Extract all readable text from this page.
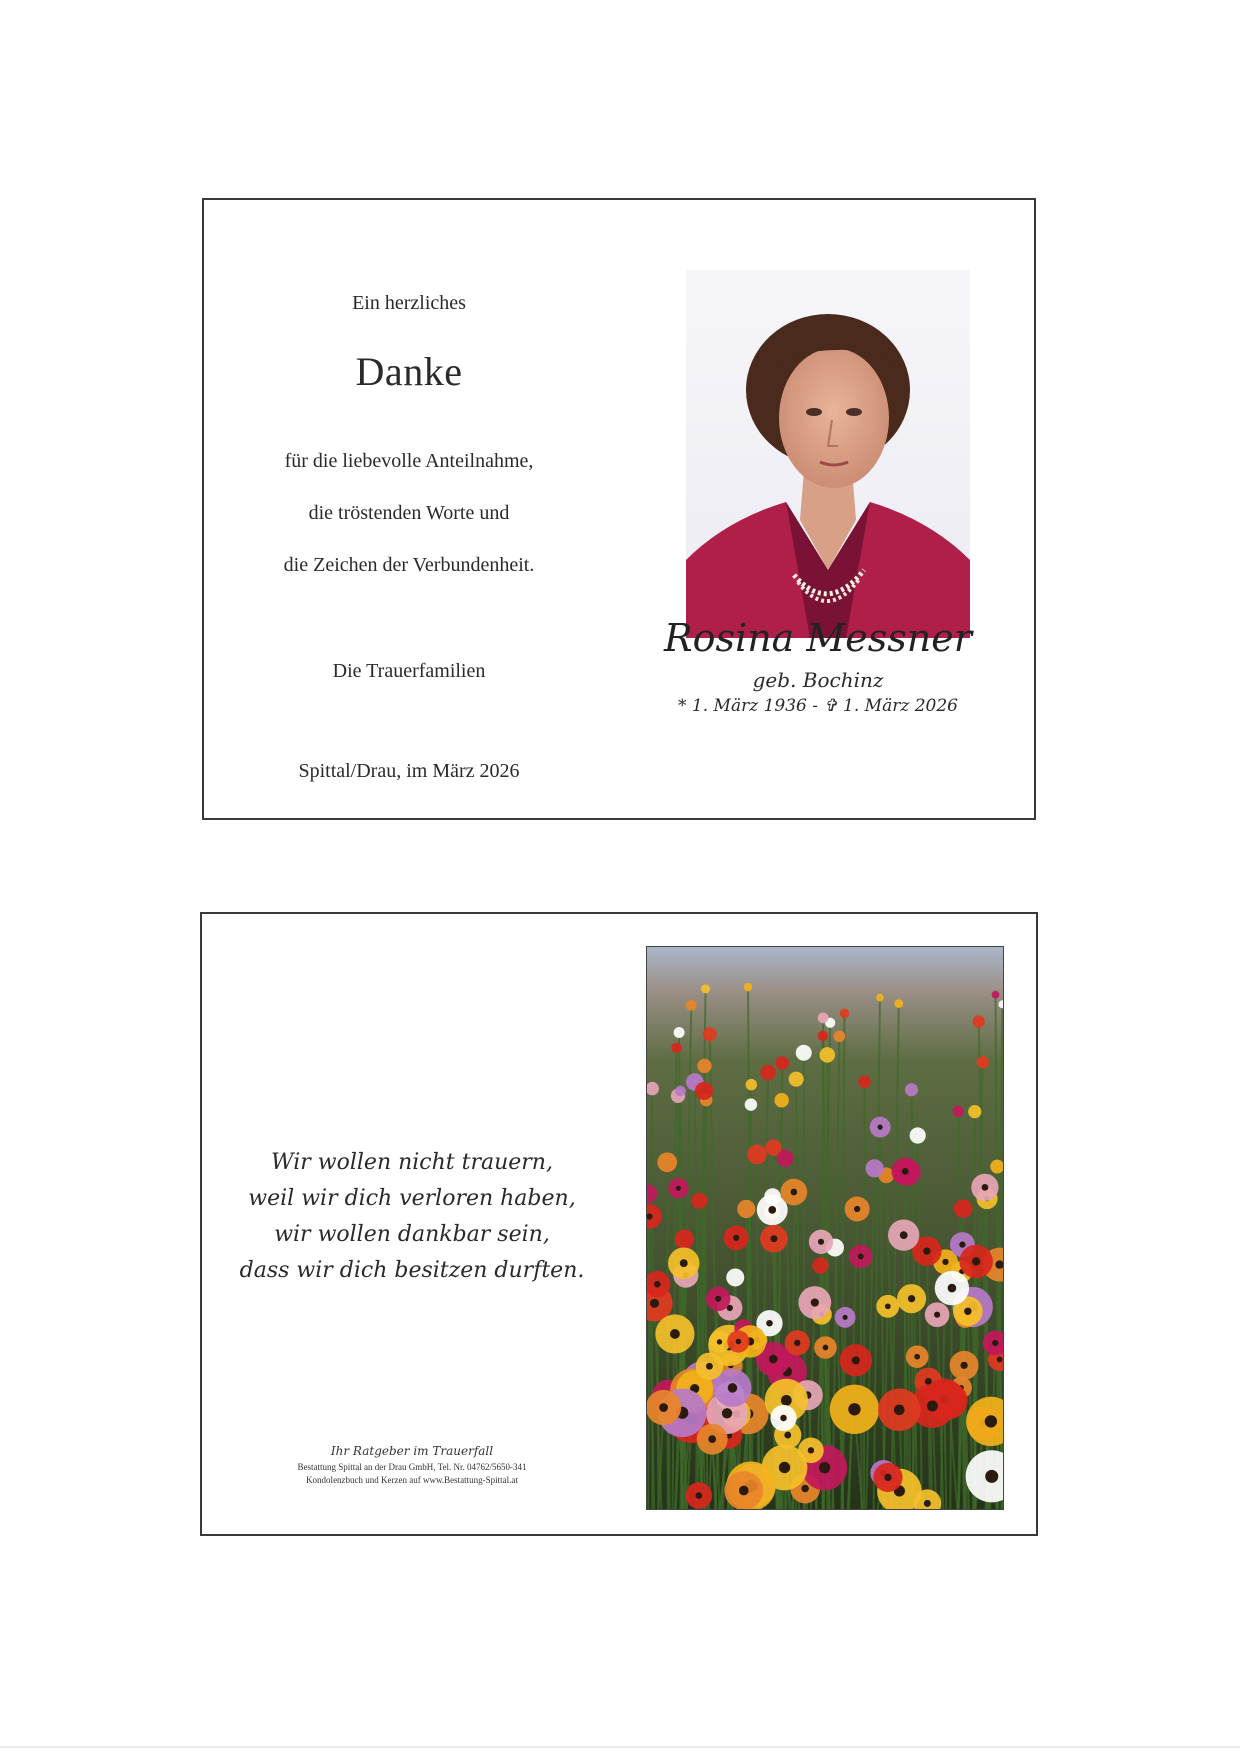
Ein herzliches
Danke
für die liebevolle Anteilnahme,
die tröstenden Worte und
die Zeichen der Verbundenheit.
Die Trauerfamilien
Spittal/Drau, im März 2026
Rosina Messner
geb. Bochinz
* 1. März 1936 - ✞ 1. März 2026
Wir wollen nicht trauern,
weil wir dich verloren haben,
wir wollen dankbar sein,
dass wir dich besitzen durften.
Ihr Ratgeber im Trauerfall
Bestattung Spittal an der Drau GmbH, Tel. Nr. 04762/5650-341
Kondolenzbuch und Kerzen auf www.Bestattung-Spittal.at
